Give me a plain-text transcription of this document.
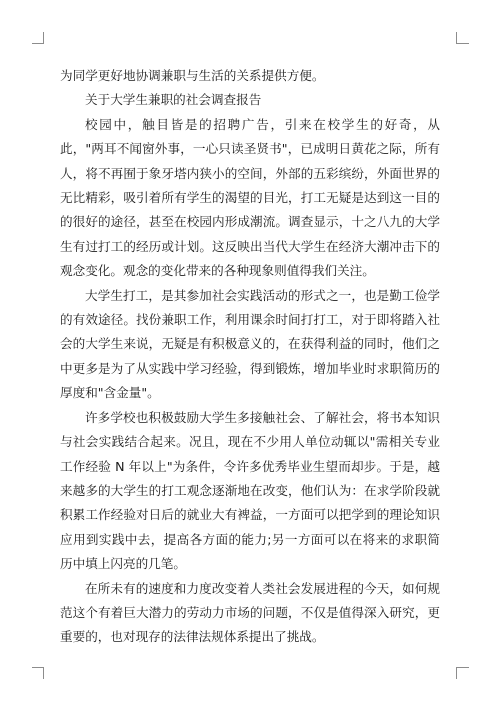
为同学更好地协调兼职与生活的关系提供方便。

关于大学生兼职的社会调查报告

校园中，触目皆是的招聘广告，引来在校学生的好奇，从此，"两耳不闻窗外事，一心只读圣贤书"，已成明日黄花之际，所有人，将不再囿于象牙塔内狭小的空间，外部的五彩缤纷，外面世界的无比精彩，吸引着所有学生的渴望的目光，打工无疑是达到这一目的的很好的途径，甚至在校园内形成潮流。调查显示，十之八九的大学生有过打工的经历或计划。这反映出当代大学生在经济大潮冲击下的观念变化。观念的变化带来的各种现象则值得我们关注。

大学生打工，是其参加社会实践活动的形式之一，也是勤工俭学的有效途径。找份兼职工作，利用课余时间打打工，对于即将踏入社会的大学生来说，无疑是有积极意义的，在获得利益的同时，他们之中更多是为了从实践中学习经验，得到锻炼，增加毕业时求职简历的厚度和"含金量"。

许多学校也积极鼓励大学生多接触社会、了解社会，将书本知识与社会实践结合起来。况且，现在不少用人单位动辄以"需相关专业工作经验 N 年以上"为条件，令许多优秀毕业生望而却步。于是，越来越多的大学生的打工观念逐渐地在改变，他们认为：在求学阶段就积累工作经验对日后的就业大有裨益，一方面可以把学到的理论知识应用到实践中去，提高各方面的能力;另一方面可以在将来的求职简历中填上闪亮的几笔。

在所未有的速度和力度改变着人类社会发展进程的今天，如何规范这个有着巨大潜力的劳动力市场的问题，不仅是值得深入研究，更重要的，也对现存的法律法规体系提出了挑战。
